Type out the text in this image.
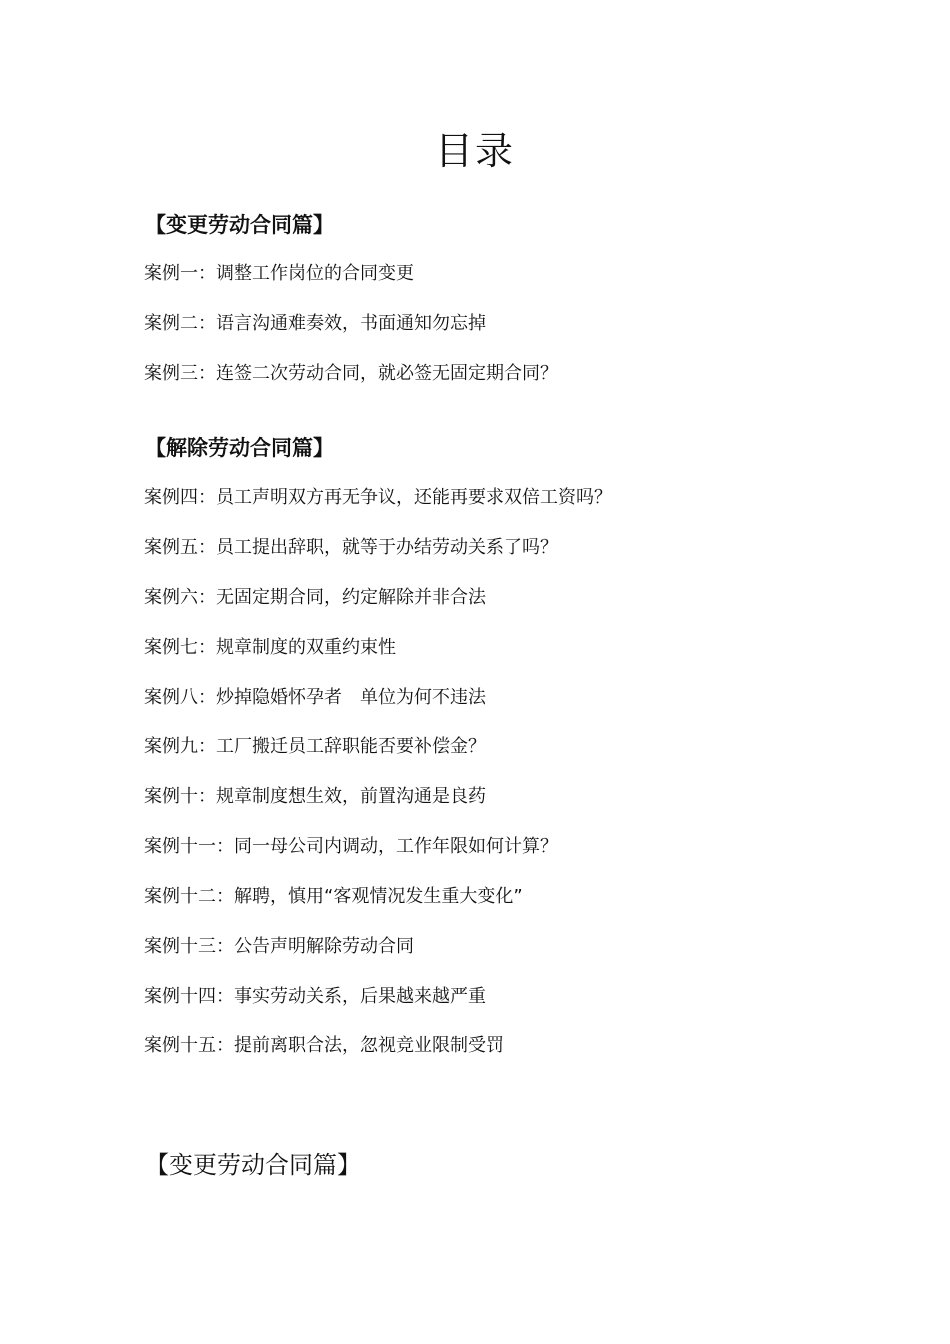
目录
【变更劳动合同篇】
案例一：调整工作岗位的合同变更
案例二：语言沟通难奏效，书面通知勿忘掉
案例三：连签二次劳动合同，就必签无固定期合同？
【解除劳动合同篇】
案例四：员工声明双方再无争议，还能再要求双倍工资吗？
案例五：员工提出辞职，就等于办结劳动关系了吗？
案例六：无固定期合同，约定解除并非合法
案例七：规章制度的双重约束性
案例八：炒掉隐婚怀孕者　单位为何不违法
案例九：工厂搬迁员工辞职能否要补偿金？
案例十：规章制度想生效，前置沟通是良药
案例十一：同一母公司内调动，工作年限如何计算？
案例十二：解聘，慎用“客观情况发生重大变化”
案例十三：公告声明解除劳动合同
案例十四：事实劳动关系，后果越来越严重
案例十五：提前离职合法，忽视竞业限制受罚
【变更劳动合同篇】
